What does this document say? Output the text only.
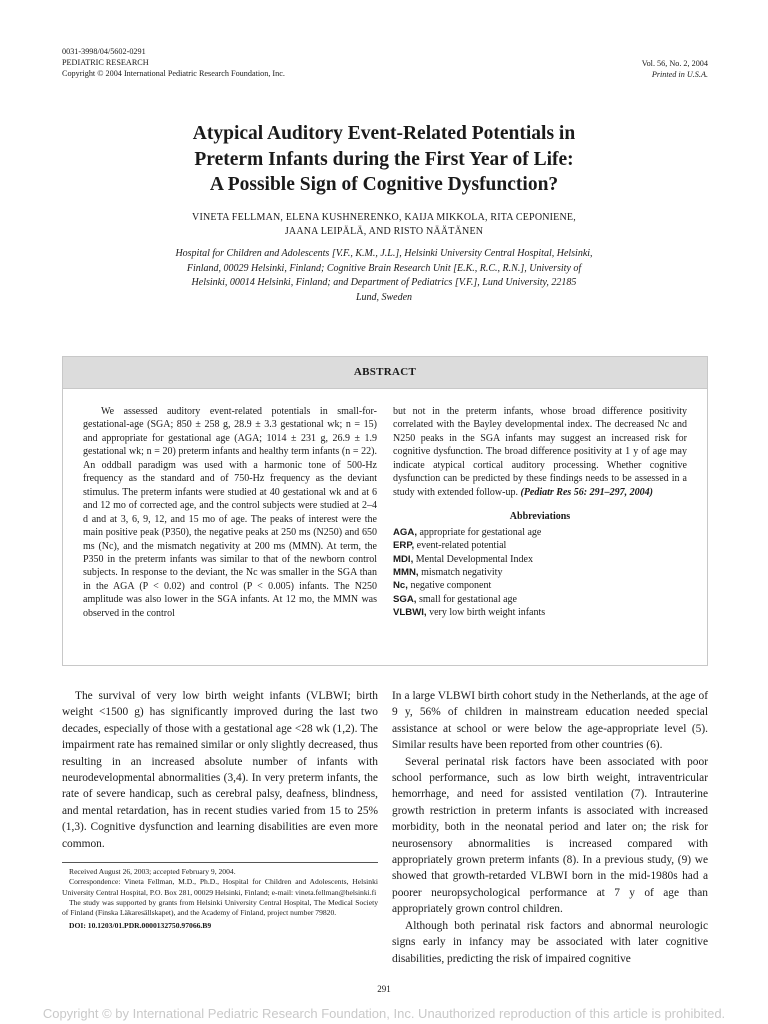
0031-3998/04/5602-0291
PEDIATRIC RESEARCH
Copyright © 2004 International Pediatric Research Foundation, Inc.
Vol. 56, No. 2, 2004
Printed in U.S.A.
Atypical Auditory Event-Related Potentials in
Preterm Infants during the First Year of Life:
A Possible Sign of Cognitive Dysfunction?
VINETA FELLMAN, ELENA KUSHNERENKO, KAIJA MIKKOLA, RITA CEPONIENE,
JAANA LEIPÄLÄ, AND RISTO NÄÄTÄNEN
Hospital for Children and Adolescents [V.F., K.M., J.L.], Helsinki University Central Hospital, Helsinki,
Finland, 00029 Helsinki, Finland; Cognitive Brain Research Unit [E.K., R.C., R.N.], University of
Helsinki, 00014 Helsinki, Finland; and Department of Pediatrics [V.F.], Lund University, 22185
Lund, Sweden
ABSTRACT

We assessed auditory event-related potentials in small-for-gestational-age (SGA; 850 ± 258 g, 28.9 ± 3.3 gestational wk; n = 15) and appropriate for gestational age (AGA; 1014 ± 231 g, 26.9 ± 1.9 gestational wk; n = 20) preterm infants and healthy term infants (n = 22). An oddball paradigm was used with a harmonic tone of 500-Hz frequency as the standard and of 750-Hz frequency as the deviant stimulus. The preterm infants were studied at 40 gestational wk and at 6 and 12 mo of corrected age, and the control subjects were studied at 2–4 d and at 3, 6, 9, 12, and 15 mo of age. The peaks of interest were the main positive peak (P350), the negative peaks at 250 ms (N250) and 650 ms (Nc), and the mismatch negativity at 200 ms (MMN). At term, the P350 in the preterm infants was similar to that of the newborn control subjects. In response to the deviant, the Nc was smaller in the SGA than in the AGA (P < 0.02) and control (P < 0.005) infants. The N250 amplitude was also lower in the SGA infants. At 12 mo, the MMN was observed in the control

but not in the preterm infants, whose broad difference positivity correlated with the Bayley developmental index. The decreased Nc and N250 peaks in the SGA infants may suggest an increased risk for cognitive dysfunction. The broad difference positivity at 1 y of age may indicate atypical cortical auditory processing. Whether cognitive dysfunction can be predicted by these findings needs to be assessed in a study with extended follow-up. (Pediatr Res 56: 291–297, 2004)

Abbreviations
AGA, appropriate for gestational age
ERP, event-related potential
MDI, Mental Developmental Index
MMN, mismatch negativity
Nc, negative component
SGA, small for gestational age
VLBWI, very low birth weight infants

The survival of very low birth weight infants (VLBWI; birth weight <1500 g) has significantly improved during the last two decades, especially of those with a gestational age <28 wk (1,2). The impairment rate has remained similar or only slightly decreased, thus resulting in an increased absolute number of infants with neurodevelopmental abnormalities (3,4). In very preterm infants, the rate of severe handicap, such as cerebral palsy, deafness, blindness, and mental retardation, has in recent studies varied from 15 to 25% (1,3). Cognitive dysfunction and learning disabilities are even more common.

Received August 26, 2003; accepted February 9, 2004.

Correspondence: Vineta Fellman, M.D., Ph.D., Hospital for Children and Adolescents, Helsinki University Central Hospital, P.O. Box 281, 00029 Helsinki, Finland; e-mail: vineta.fellman@helsinki.fi

The study was supported by grants from Helsinki University Central Hospital, The Medical Society of Finland (Finska Läkaresällskapet), and the Academy of Finland, project number 79820.

DOI: 10.1203/01.PDR.0000132750.97066.B9

In a large VLBWI birth cohort study in the Netherlands, at the age of 9 y, 56% of children in mainstream education needed special assistance at school or were below the age-appropriate level (5). Similar results have been reported from other countries (6).

Several perinatal risk factors have been associated with poor school performance, such as low birth weight, intraventricular hemorrhage, and need for assisted ventilation (7). Intrauterine growth restriction in preterm infants is associated with increased morbidity, both in the neonatal period and later on; the risk for neurosensory abnormalities is increased compared with appropriately grown preterm infants (8). In a previous study, (9) we showed that growth-retarded VLBWI born in the mid-1980s had a poorer neuropsychological performance at 7 y of age than appropriately grown control children.

Although both perinatal risk factors and abnormal neurologic signs early in infancy may be associated with later cognitive disabilities, predicting the risk of impaired cognitive

291
Copyright © by International Pediatric Research Foundation, Inc. Unauthorized reproduction of this article is prohibited.
